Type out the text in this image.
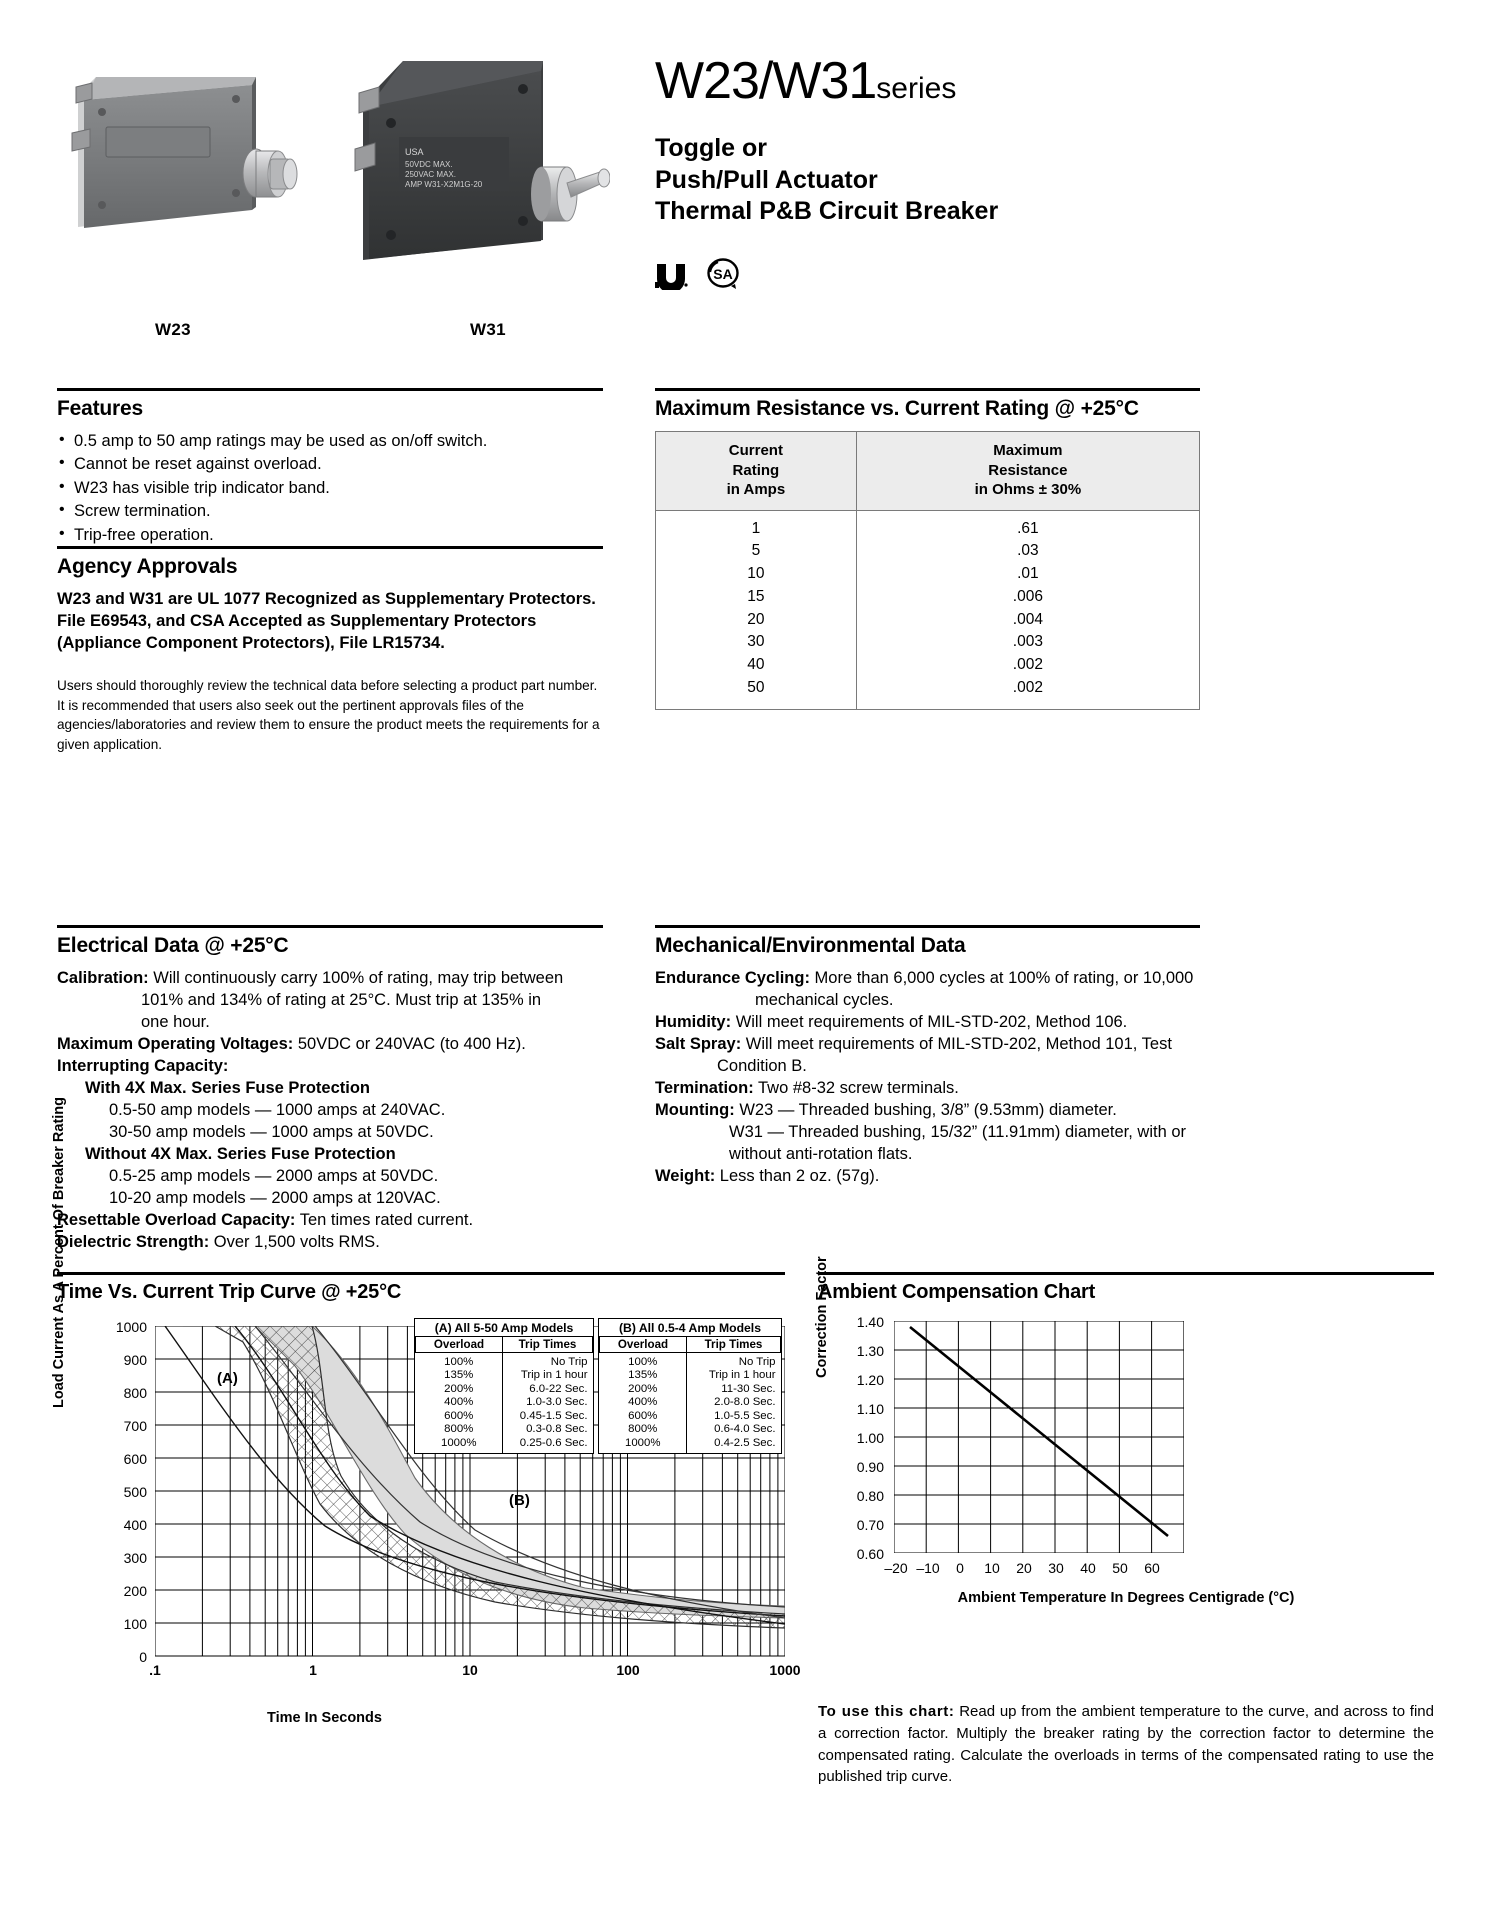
USA
50VDC MAX.
250VAC MAX.
AMP W31-X2M1G-20
W23	W31
W23/W31series
Toggle or
Push/Pull Actuator
Thermal P&B Circuit Breaker
SA
Features
• 0.5 amp to 50 amp ratings may be used as on/off switch.
• Cannot be reset against overload.
• W23 has visible trip indicator band.
• Screw termination.
• Trip-free operation.
Agency Approvals
W23 and W31 are UL 1077 Recognized as Supplementary Protectors.
File E69543, and CSA Accepted as Supplementary Protectors
(Appliance Component Protectors), File LR15734.
Users should thoroughly review the technical data before selecting a product part number. It is recommended that users also seek out the pertinent approvals files of the agencies/laboratories and review them to ensure the product meets the requirements for a given application.
Maximum Resistance vs. Current Rating @ +25°C
Current
Rating
in Amps

Maximum
Resistance
in Ohms ± 30%

1	.61

5	.03

10	.01

15	.006

20	.004

30	.003

40	.002

50	.002
Electrical Data @ +25°C
Calibration: Will continuously carry 100% of rating, may trip between
101% and 134% of rating at 25°C. Must trip at 135% in
one hour.
Maximum Operating Voltages: 50VDC or 240VAC (to 400 Hz).
Interrupting Capacity:
With 4X Max. Series Fuse Protection
0.5-50 amp models — 1000 amps at 240VAC.
30-50 amp models — 1000 amps at 50VDC.
Without 4X Max. Series Fuse Protection
0.5-25 amp models — 2000 amps at 50VDC.
10-20 amp models — 2000 amps at 120VAC.
Resettable Overload Capacity: Ten times rated current.
Dielectric Strength: Over 1,500 volts RMS.
Mechanical/Environmental Data
Endurance Cycling: More than 6,000 cycles at 100% of rating, or 10,000
mechanical cycles.
Humidity: Will meet requirements of MIL-STD-202, Method 106.
Salt Spray: Will meet requirements of MIL-STD-202, Method 101, Test
Condition B.
Termination: Two #8-32 screw terminals.
Mounting: W23 — Threaded bushing, 3/8” (9.53mm) diameter.
W31 — Threaded bushing, 15/32” (11.91mm) diameter, with or
without anti-rotation flats.
Weight: Less than 2 oz. (57g).
Time Vs. Current Trip Curve @ +25°C
Load Current As A Percent Of Breaker Rating	1000
900
800
700
600
500
400
300
200
100
0
(A)
(B)
.1	1	10	100	1000
Time In Seconds
(A) All 5-50 Amp Models
Overload	Trip Times
100%	No Trip
135%	Trip in 1 hour
200%	6.0-22 Sec.
400%	1.0-3.0 Sec.
600%	0.45-1.5 Sec.
800%	0.3-0.8 Sec.
1000%	0.25-0.6 Sec.
(B) All 0.5-4 Amp Models
Overload	Trip Times
100%	No Trip
135%	Trip in 1 hour
200%	11-30 Sec.
400%	2.0-8.0 Sec.
600%	1.0-5.5 Sec.
800%	0.6-4.0 Sec.
1000%	0.4-2.5 Sec.
Ambient Compensation Chart
Correction Factor	1.40
1.30
1.20
1.10
1.00
0.90
0.80
0.70
0.60
–20 –10	0	10	20	30	40	50	60
Ambient Temperature In Degrees Centigrade (°C)
To use this chart: Read up from the ambient temperature to the curve, and across to find a correction factor. Multiply the breaker rating by the correction factor to determine the compensated rating. Calculate the overloads in terms of the compensated rating to use the published trip curve.
